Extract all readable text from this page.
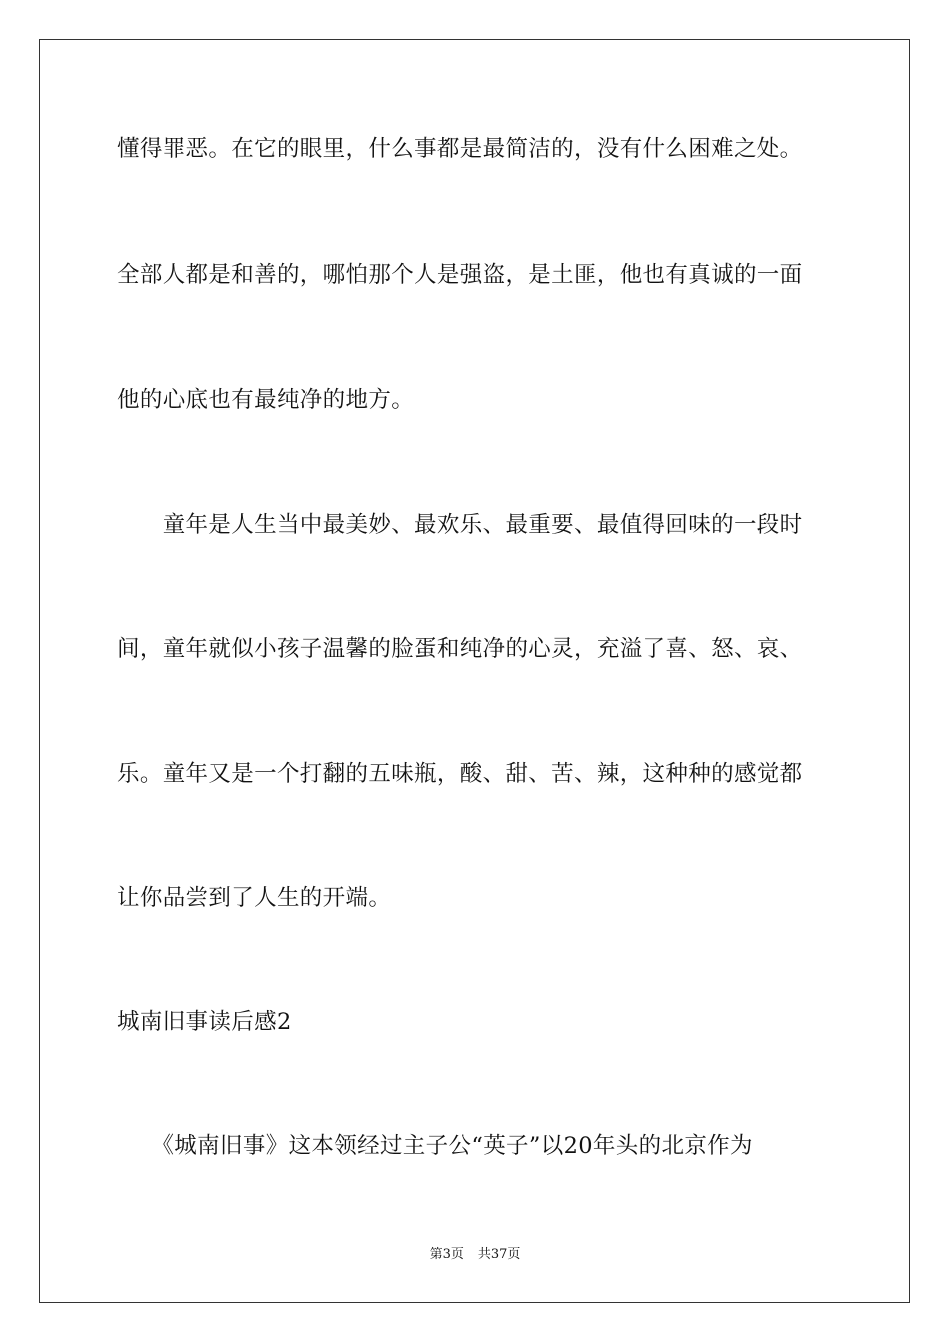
懂得罪恶。在它的眼里，什么事都是最简洁的，没有什么困难之处。
全部人都是和善的，哪怕那个人是强盗，是土匪，他也有真诚的一面
他的心底也有最纯净的地方。
　　童年是人生当中最美妙、最欢乐、最重要、最值得回味的一段时
间，童年就似小孩子温馨的脸蛋和纯净的心灵，充溢了喜、怒、哀、
乐。童年又是一个打翻的五味瓶，酸、甜、苦、辣，这种种的感觉都
让你品尝到了人生的开端。
城南旧事读后感2
　　《城南旧事》这本领经过主子公“英子”以20年头的北京作为
第3页 共37页
